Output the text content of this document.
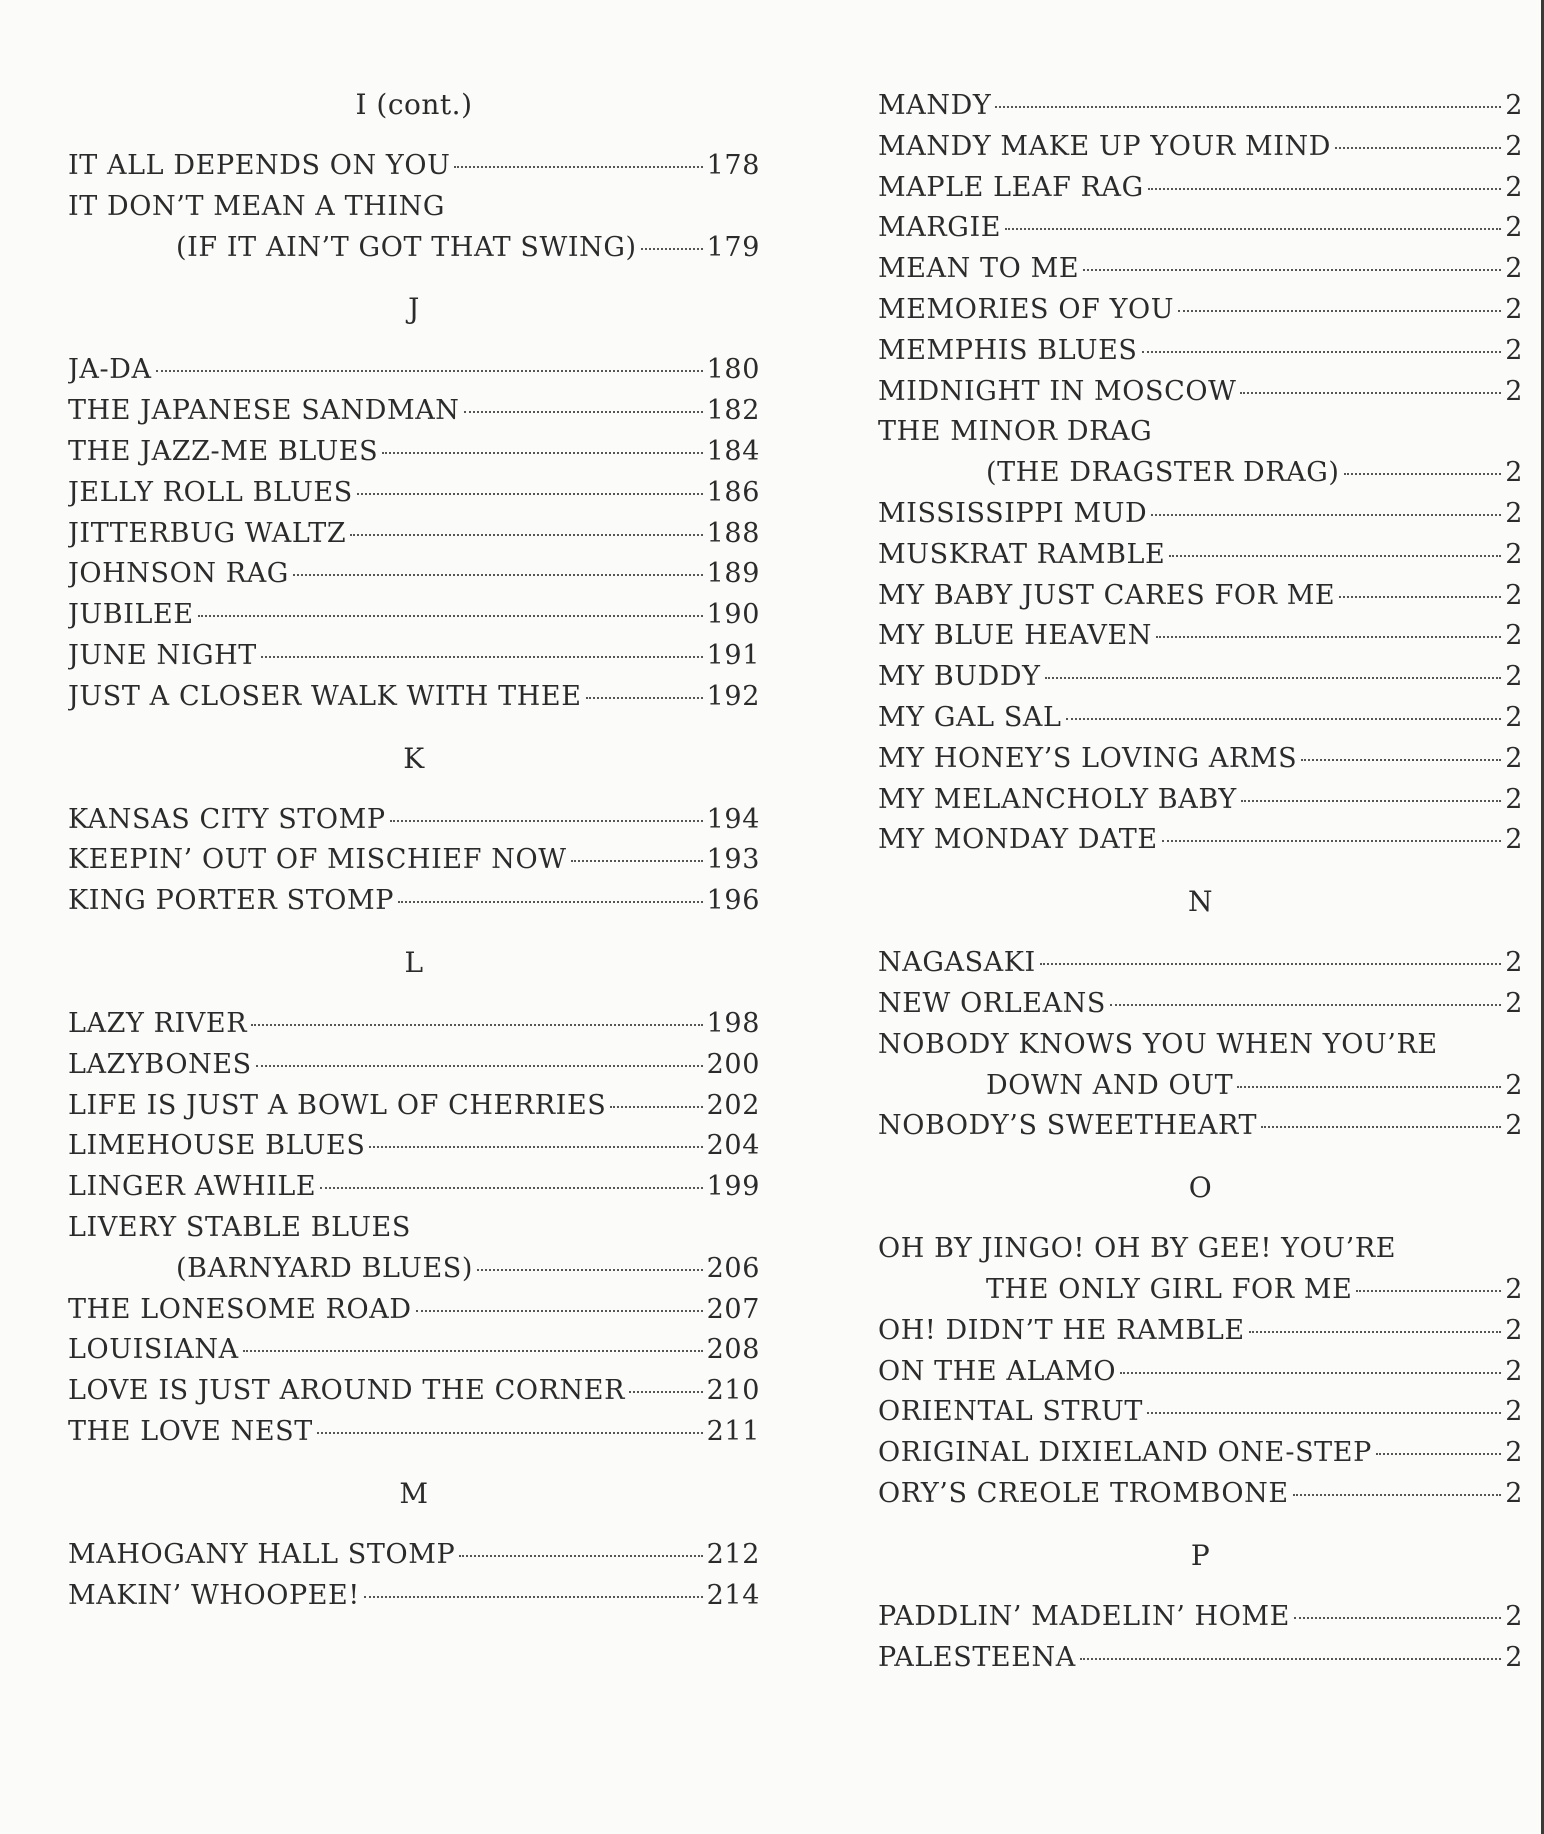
I (cont.)
IT ALL DEPENDS ON YOU	178
IT DON’T MEAN A THING
(IF IT AIN’T GOT THAT SWING)	179
J
JA-DA	180
THE JAPANESE SANDMAN	182
THE JAZZ-ME BLUES	184
JELLY ROLL BLUES	186
JITTERBUG WALTZ	188
JOHNSON RAG	189
JUBILEE	190
JUNE NIGHT	191
JUST A CLOSER WALK WITH THEE	192
K
KANSAS CITY STOMP	194
KEEPIN’ OUT OF MISCHIEF NOW	193
KING PORTER STOMP	196
L
LAZY RIVER	198
LAZYBONES	200
LIFE IS JUST A BOWL OF CHERRIES	202
LIMEHOUSE BLUES	204
LINGER AWHILE	199
LIVERY STABLE BLUES
(BARNYARD BLUES)	206
THE LONESOME ROAD	207
LOUISIANA	208
LOVE IS JUST AROUND THE CORNER	210
THE LOVE NEST	211
M
MAHOGANY HALL STOMP	212
MAKIN’ WHOOPEE!	214
MANDY	2
MANDY MAKE UP YOUR MIND	2
MAPLE LEAF RAG	2
MARGIE	2
MEAN TO ME	2
MEMORIES OF YOU	2
MEMPHIS BLUES	2
MIDNIGHT IN MOSCOW	2
THE MINOR DRAG
(THE DRAGSTER DRAG)	2
MISSISSIPPI MUD	2
MUSKRAT RAMBLE	2
MY BABY JUST CARES FOR ME	2
MY BLUE HEAVEN	2
MY BUDDY	2
MY GAL SAL	2
MY HONEY’S LOVING ARMS	2
MY MELANCHOLY BABY	2
MY MONDAY DATE	2
N
NAGASAKI	2
NEW ORLEANS	2
NOBODY KNOWS YOU WHEN YOU’RE
DOWN AND OUT	2
NOBODY’S SWEETHEART	2
O
OH BY JINGO! OH BY GEE! YOU’RE
THE ONLY GIRL FOR ME	2
OH! DIDN’T HE RAMBLE	2
ON THE ALAMO	2
ORIENTAL STRUT	2
ORIGINAL DIXIELAND ONE-STEP	2
ORY’S CREOLE TROMBONE	2
P
PADDLIN’ MADELIN’ HOME	2
PALESTEENA	2
